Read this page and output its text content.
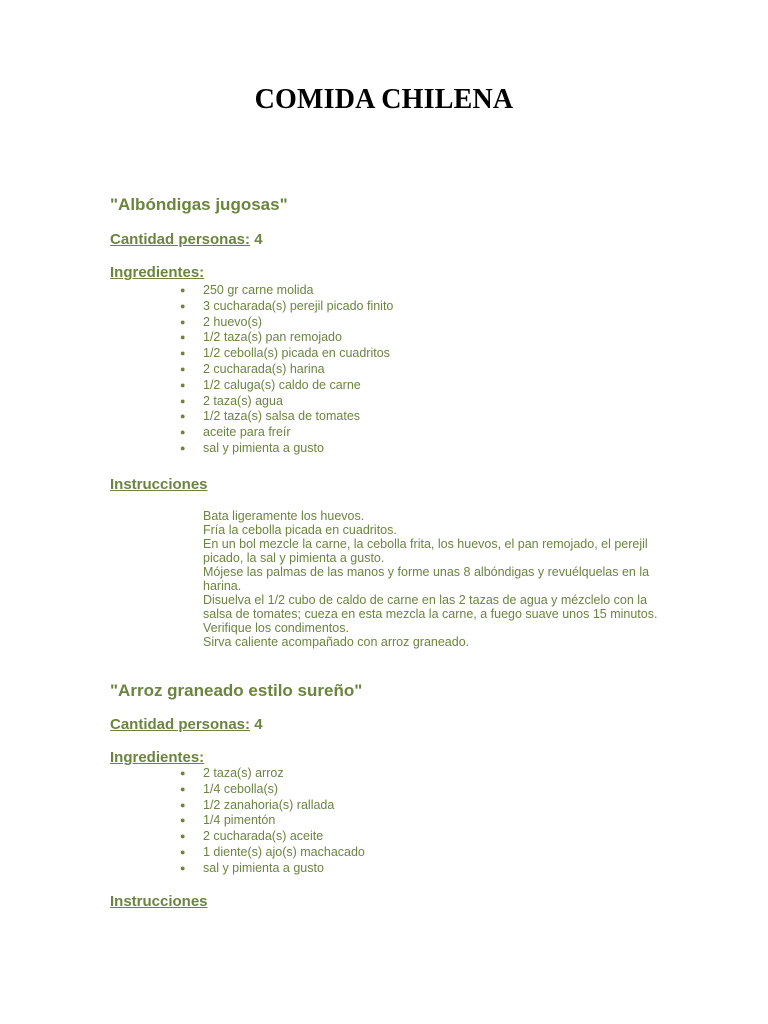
COMIDA CHILENA
"Albóndigas jugosas"
Cantidad personas: 4
Ingredientes:
● 250 gr carne molida
● 3 cucharada(s) perejil picado finito
● 2 huevo(s)
● 1/2 taza(s) pan remojado
● 1/2 cebolla(s) picada en cuadritos
● 2 cucharada(s) harina
● 1/2 caluga(s) caldo de carne
● 2 taza(s) agua
● 1/2 taza(s) salsa de tomates
● aceite para freír
● sal y pimienta a gusto
Instrucciones

Bata ligeramente los huevos.

Fría la cebolla picada en cuadritos.

En un bol mezcle la carne, la cebolla frita, los huevos, el pan remojado, el perejil picado, la sal y pimienta a gusto.

Mójese las palmas de las manos y forme unas 8 albóndigas y revuélquelas en la harina.

Disuelva el 1/2 cubo de caldo de carne en las 2 tazas de agua y mézclelo con la salsa de tomates; cueza en esta mezcla la carne, a fuego suave unos 15 minutos.

Verifique los condimentos.

Sirva caliente acompañado con arroz graneado.

"Arroz graneado estilo sureño"
Cantidad personas: 4
Ingredientes:
● 2 taza(s) arroz
● 1/4 cebolla(s)
● 1/2 zanahoria(s) rallada
● 1/4 pimentón
● 2 cucharada(s) aceite
● 1 diente(s) ajo(s) machacado
● sal y pimienta a gusto
Instrucciones
